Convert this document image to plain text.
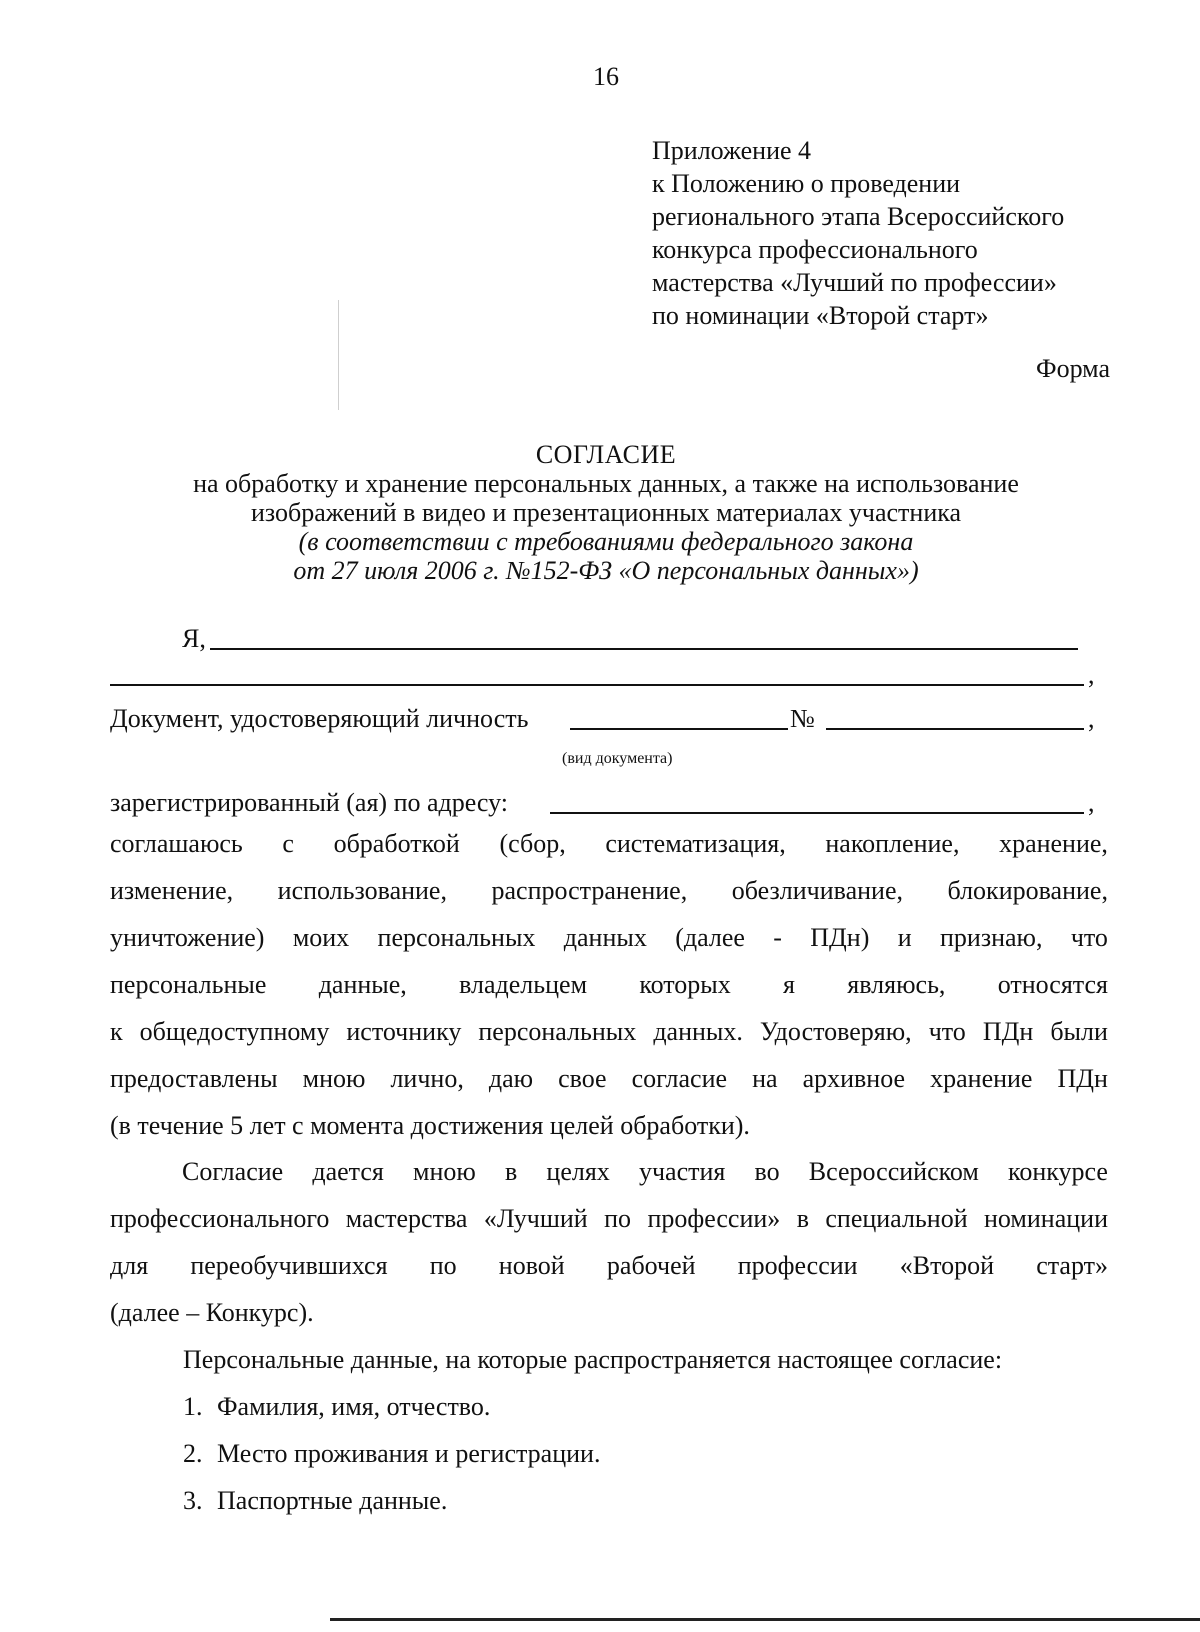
16
Приложение 4
к Положению о проведении
регионального этапа Всероссийского
конкурса профессионального
мастерства «Лучший по профессии»
по номинации «Второй старт»
Форма
СОГЛАСИЕ
на обработку и хранение персональных данных, а также на использование
изображений в видео и презентационных материалах участника
(в соответствии с требованиями федерального закона
от 27 июля 2006 г. №152-ФЗ «О персональных данных»)
Я,
,
Документ, удостоверяющий личность	№	,
(вид документа)
зарегистрированный (ая) по адресу:	,
соглашаюсь с обработкой (сбор, систематизация, накопление, хранение,
изменение, использование, распространение, обезличивание, блокирование,
уничтожение) моих персональных данных (далее - ПДн) и признаю, что
персональные данные, владельцем которых я являюсь, относятся
к общедоступному источнику персональных данных. Удостоверяю, что ПДн были
предоставлены мною лично, даю свое согласие на архивное хранение ПДн
(в течение 5 лет с момента достижения целей обработки).
Согласие дается мною в целях участия во Всероссийском конкурсе
профессионального мастерства «Лучший по профессии» в специальной номинации
для переобучившихся по новой рабочей профессии «Второй старт»
(далее – Конкурс).
Персональные данные, на которые распространяется настоящее согласие:
1. Фамилия, имя, отчество.
2. Место проживания и регистрации.
3. Паспортные данные.
